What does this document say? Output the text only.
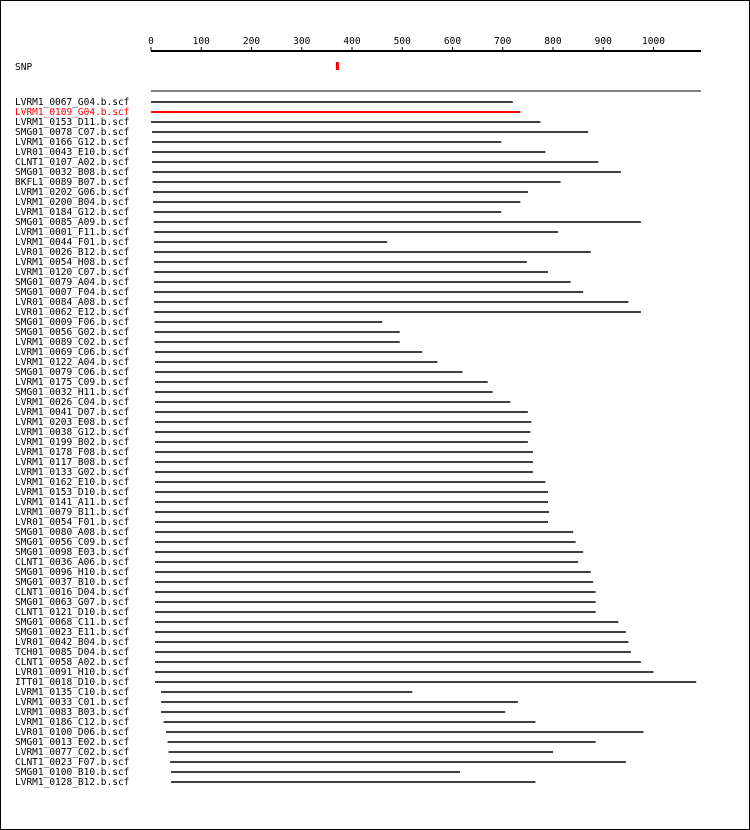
0	100	200	300	400	500	600	700	800	900	1000
SNP
LVRM1_0067_G04.b.scf
LVRM1_0109_G04.b.scf
LVRM1_0153_D11.b.scf
SMG01_0078_C07.b.scf
LVRM1_0166_G12.b.scf
LVR01_0043_E10.b.scf
CLNT1_0107_A02.b.scf
SMG01_0032_B08.b.scf
BKFL1_0089_B07.b.scf
LVRM1_0202_G06.b.scf
LVRM1_0200_B04.b.scf
LVRM1_0184_G12.b.scf
SMG01_0085_A09.b.scf
LVRM1_0001_F11.b.scf
LVRM1_0044_F01.b.scf
LVR01_0026_B12.b.scf
LVRM1_0054_H08.b.scf
LVRM1_0120_C07.b.scf
SMG01_0079_A04.b.scf
SMG01_0007_F04.b.scf
LVR01_0084_A08.b.scf
LVR01_0062_E12.b.scf
SMG01_0009_F06.b.scf
SMG01_0056_G02.b.scf
LVRM1_0089_C02.b.scf
LVRM1_0069_C06.b.scf
LVRM1_0122_A04.b.scf
SMG01_0079_C06.b.scf
LVRM1_0175_C09.b.scf
SMG01_0032_H11.b.scf
LVRM1_0026_C04.b.scf
LVRM1_0041_D07.b.scf
LVRM1_0203_E08.b.scf
LVRM1_0038_G12.b.scf
LVRM1_0199_B02.b.scf
LVRM1_0178_F08.b.scf
LVRM1_0117_B08.b.scf
LVRM1_0133_G02.b.scf
LVRM1_0162_E10.b.scf
LVRM1_0153_D10.b.scf
LVRM1_0141_A11.b.scf
LVRM1_0079_B11.b.scf
LVR01_0054_F01.b.scf
SMG01_0080_A08.b.scf
SMG01_0056_C09.b.scf
SMG01_0098_E03.b.scf
CLNT1_0036_A06.b.scf
SMG01_0096_H10.b.scf
SMG01_0037_B10.b.scf
CLNT1_0016_D04.b.scf
SMG01_0063_G07.b.scf
CLNT1_0121_D10.b.scf
SMG01_0068_C11.b.scf
SMG01_0023_E11.b.scf
LVR01_0042_B04.b.scf
TCH01_0085_D04.b.scf
CLNT1_0058_A02.b.scf
LVR01_0091_H10.b.scf
ITT01_0018_D10.b.scf
LVRM1_0135_C10.b.scf
LVRM1_0033_C01.b.scf
LVRM1_0083_B03.b.scf
LVRM1_0186_C12.b.scf
LVR01_0100_D06.b.scf
SMG01_0013_E02.b.scf
LVRM1_0077_C02.b.scf
CLNT1_0023_F07.b.scf
SMG01_0100_B10.b.scf
LVRM1_0128_B12.b.scf
